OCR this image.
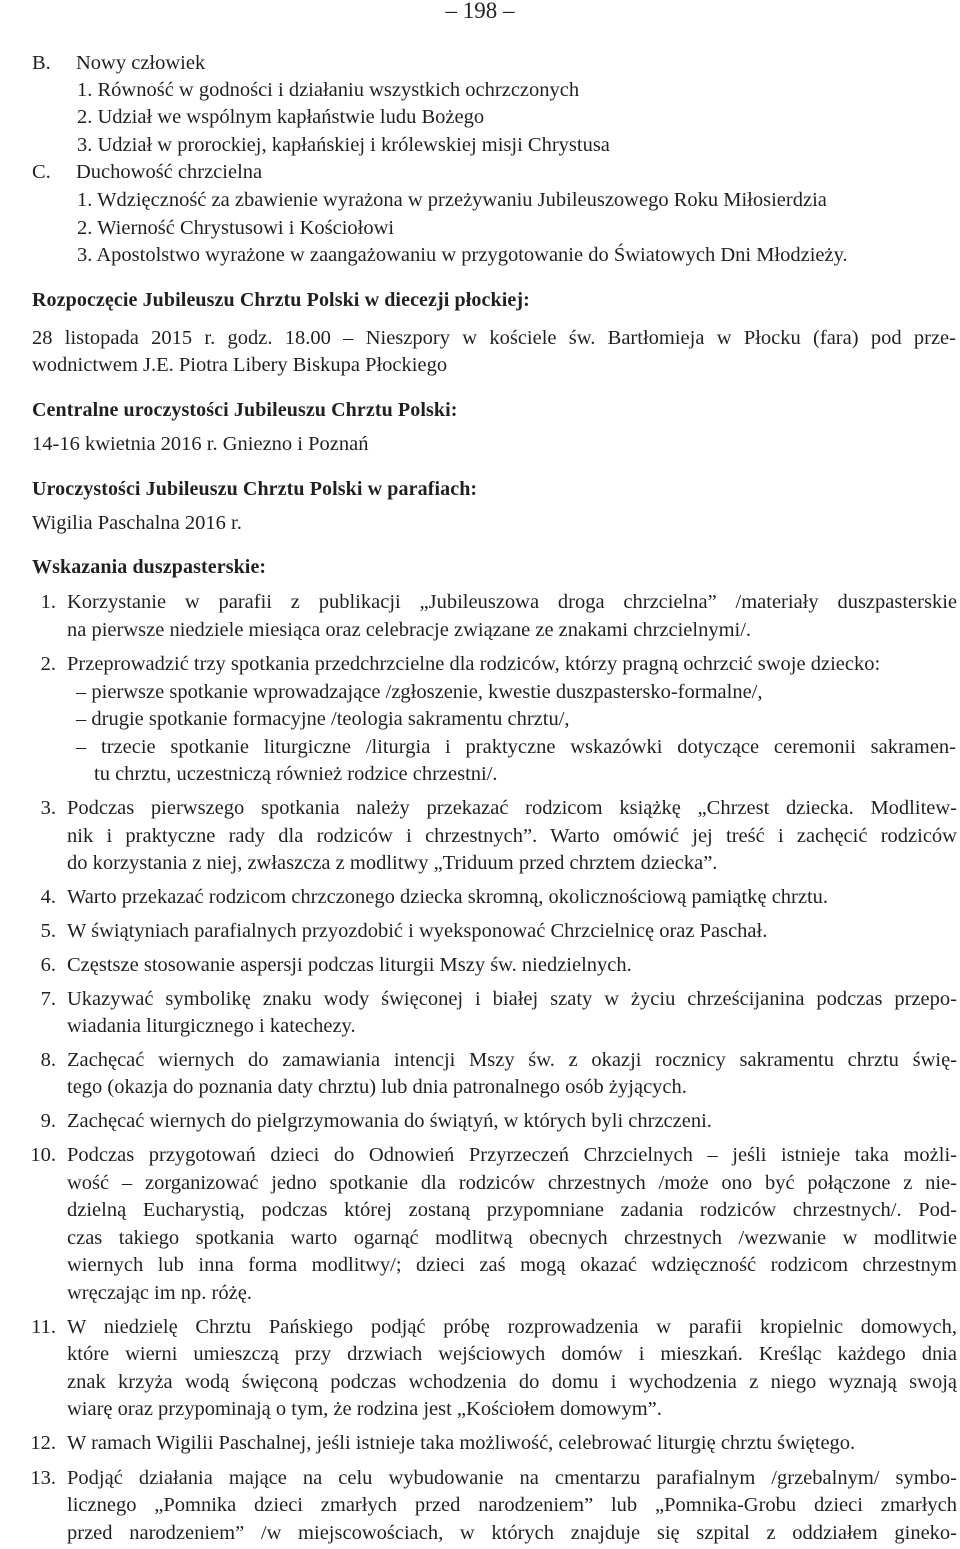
– 198 –
B. Nowy człowiek
1. Równość w godności i działaniu wszystkich ochrzczonych
2. Udział we wspólnym kapłaństwie ludu Bożego
3. Udział w prorockiej, kapłańskiej i królewskiej misji Chrystusa
C. Duchowość chrzcielna
1. Wdzięczność za zbawienie wyrażona w przeżywaniu Jubileuszowego Roku Miłosierdzia
2. Wierność Chrystusowi i Kościołowi
3. Apostolstwo wyrażone w zaangażowaniu w przygotowanie do Światowych Dni Młodzieży.
Rozpoczęcie Jubileuszu Chrztu Polski w diecezji płockiej:
28 listopada 2015 r. godz. 18.00 – Nieszpory w kościele św. Bartłomieja w Płocku (fara) pod prze-
wodnictwem J.E. Piotra Libery Biskupa Płockiego
Centralne uroczystości Jubileuszu Chrztu Polski:
14-16 kwietnia 2016 r. Gniezno i Poznań
Uroczystości Jubileuszu Chrztu Polski w parafiach:
Wigilia Paschalna 2016 r.
Wskazania duszpasterskie:
1. Korzystanie w parafii z publikacji „Jubileuszowa droga chrzcielna” /materiały duszpasterskie
na pierwsze niedziele miesiąca oraz celebracje związane ze znakami chrzcielnymi/.
2. Przeprowadzić trzy spotkania przedchrzcielne dla rodziców, którzy pragną ochrzcić swoje dziecko:
– pierwsze spotkanie wprowadzające /zgłoszenie, kwestie duszpastersko-formalne/,
– drugie spotkanie formacyjne /teologia sakramentu chrztu/,
– trzecie spotkanie liturgiczne /liturgia i praktyczne wskazówki dotyczące ceremonii sakramen-
tu chrztu, uczestniczą również rodzice chrzestni/.
3. Podczas pierwszego spotkania należy przekazać rodzicom książkę „Chrzest dziecka. Modlitew-
nik i praktyczne rady dla rodziców i chrzestnych”. Warto omówić jej treść i zachęcić rodziców
do korzystania z niej, zwłaszcza z modlitwy „Triduum przed chrztem dziecka”.
4. Warto przekazać rodzicom chrzczonego dziecka skromną, okolicznościową pamiątkę chrztu.
5. W świątyniach parafialnych przyozdobić i wyeksponować Chrzcielnicę oraz Paschał.
6. Częstsze stosowanie aspersji podczas liturgii Mszy św. niedzielnych.
7. Ukazywać symbolikę znaku wody święconej i białej szaty w życiu chrześcijanina podczas przepo-
wiadania liturgicznego i katechezy.
8. Zachęcać wiernych do zamawiania intencji Mszy św. z okazji rocznicy sakramentu chrztu świę-
tego (okazja do poznania daty chrztu) lub dnia patronalnego osób żyjących.
9. Zachęcać wiernych do pielgrzymowania do świątyń, w których byli chrzczeni.
10. Podczas przygotowań dzieci do Odnowień Przyrzeczeń Chrzcielnych – jeśli istnieje taka możli-
wość – zorganizować jedno spotkanie dla rodziców chrzestnych /może ono być połączone z nie-
dzielną Eucharystią, podczas której zostaną przypomniane zadania rodziców chrzestnych/. Pod-
czas takiego spotkania warto ogarnąć modlitwą obecnych chrzestnych /wezwanie w modlitwie
wiernych lub inna forma modlitwy/; dzieci zaś mogą okazać wdzięczność rodzicom chrzestnym
wręczając im np. różę.
11. W niedzielę Chrztu Pańskiego podjąć próbę rozprowadzenia w parafii kropielnic domowych,
które wierni umieszczą przy drzwiach wejściowych domów i mieszkań. Kreśląc każdego dnia
znak krzyża wodą święconą podczas wchodzenia do domu i wychodzenia z niego wyznają swoją
wiarę oraz przypominają o tym, że rodzina jest „Kościołem domowym”.
12. W ramach Wigilii Paschalnej, jeśli istnieje taka możliwość, celebrować liturgię chrztu świętego.
13. Podjąć działania mające na celu wybudowanie na cmentarzu parafialnym /grzebalnym/ symbo-
licznego „Pomnika dzieci zmarłych przed narodzeniem” lub „Pomnika-Grobu dzieci zmarłych
przed narodzeniem” /w miejscowościach, w których znajduje się szpital z oddziałem gineko-
